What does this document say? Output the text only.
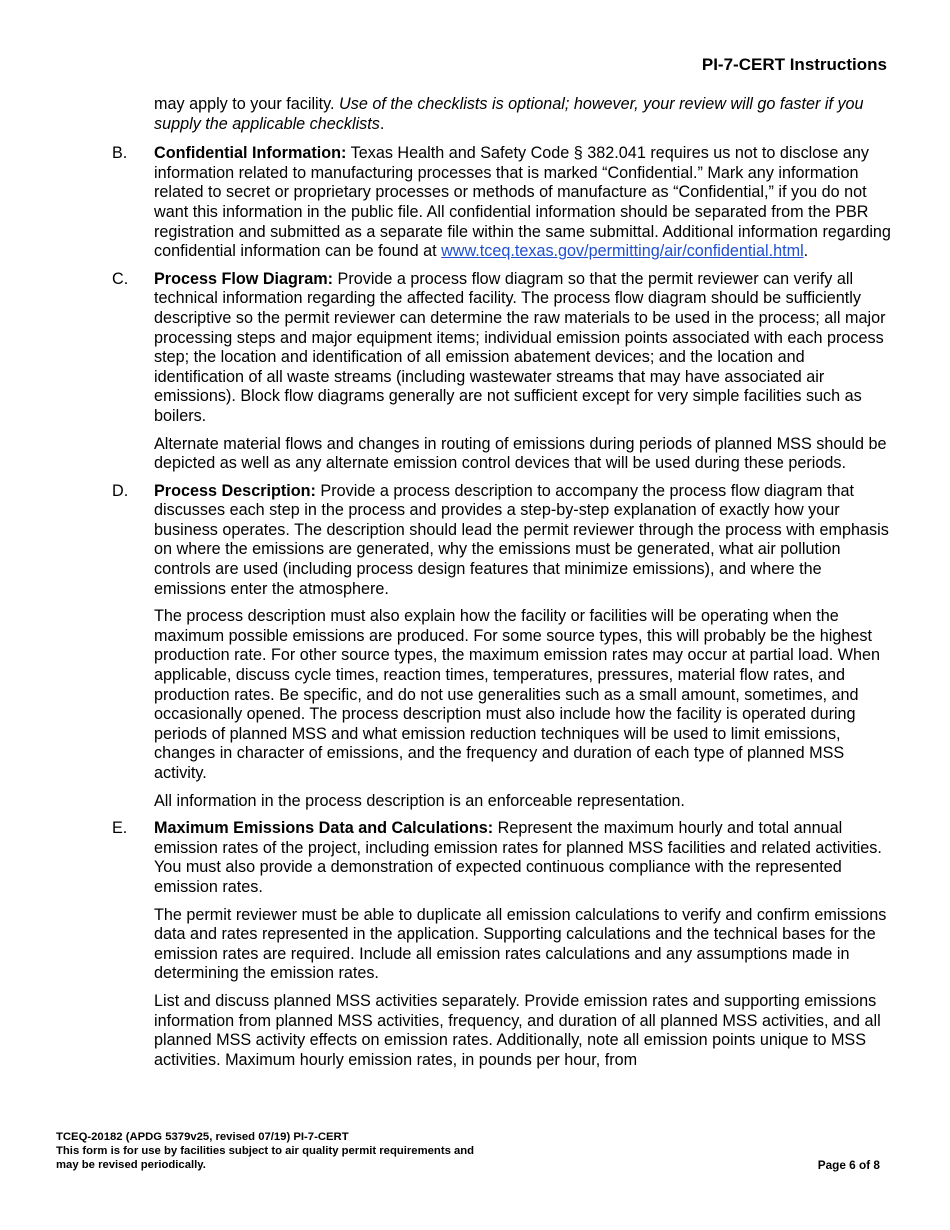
PI-7-CERT Instructions

may apply to your facility. Use of the checklists is optional; however, your review will go faster if you supply the applicable checklists.

B. Confidential Information: Texas Health and Safety Code § 382.041 requires us not to disclose any information related to manufacturing processes that is marked “Confidential.” Mark any information related to secret or proprietary processes or methods of manufacture as “Confidential,” if you do not want this information in the public file. All confidential information should be separated from the PBR registration and submitted as a separate file within the same submittal. Additional information regarding confidential information can be found at www.tceq.texas.gov/permitting/air/confidential.html.

C. Process Flow Diagram: Provide a process flow diagram so that the permit reviewer can verify all technical information regarding the affected facility. The process flow diagram should be sufficiently descriptive so the permit reviewer can determine the raw materials to be used in the process; all major processing steps and major equipment items; individual emission points associated with each process step; the location and identification of all emission abatement devices; and the location and identification of all waste streams (including wastewater streams that may have associated air emissions). Block flow diagrams generally are not sufficient except for very simple facilities such as boilers.

Alternate material flows and changes in routing of emissions during periods of planned MSS should be depicted as well as any alternate emission control devices that will be used during these periods.

D. Process Description: Provide a process description to accompany the process flow diagram that discusses each step in the process and provides a step-by-step explanation of exactly how your business operates. The description should lead the permit reviewer through the process with emphasis on where the emissions are generated, why the emissions must be generated, what air pollution controls are used (including process design features that minimize emissions), and where the emissions enter the atmosphere.

The process description must also explain how the facility or facilities will be operating when the maximum possible emissions are produced. For some source types, this will probably be the highest production rate. For other source types, the maximum emission rates may occur at partial load. When applicable, discuss cycle times, reaction times, temperatures, pressures, material flow rates, and production rates. Be specific, and do not use generalities such as a small amount, sometimes, and occasionally opened. The process description must also include how the facility is operated during periods of planned MSS and what emission reduction techniques will be used to limit emissions, changes in character of emissions, and the frequency and duration of each type of planned MSS activity.

All information in the process description is an enforceable representation.

E. Maximum Emissions Data and Calculations: Represent the maximum hourly and total annual emission rates of the project, including emission rates for planned MSS facilities and related activities. You must also provide a demonstration of expected continuous compliance with the represented emission rates.

The permit reviewer must be able to duplicate all emission calculations to verify and confirm emissions data and rates represented in the application. Supporting calculations and the technical bases for the emission rates are required. Include all emission rates calculations and any assumptions made in determining the emission rates.

List and discuss planned MSS activities separately. Provide emission rates and supporting emissions information from planned MSS activities, frequency, and duration of all planned MSS activities, and all planned MSS activity effects on emission rates. Additionally, note all emission points unique to MSS activities. Maximum hourly emission rates, in pounds per hour, from

TCEQ-20182 (APDG 5379v25, revised 07/19) PI-7-CERT
This form is for use by facilities subject to air quality permit requirements and
may be revised periodically.	Page 6 of 8
